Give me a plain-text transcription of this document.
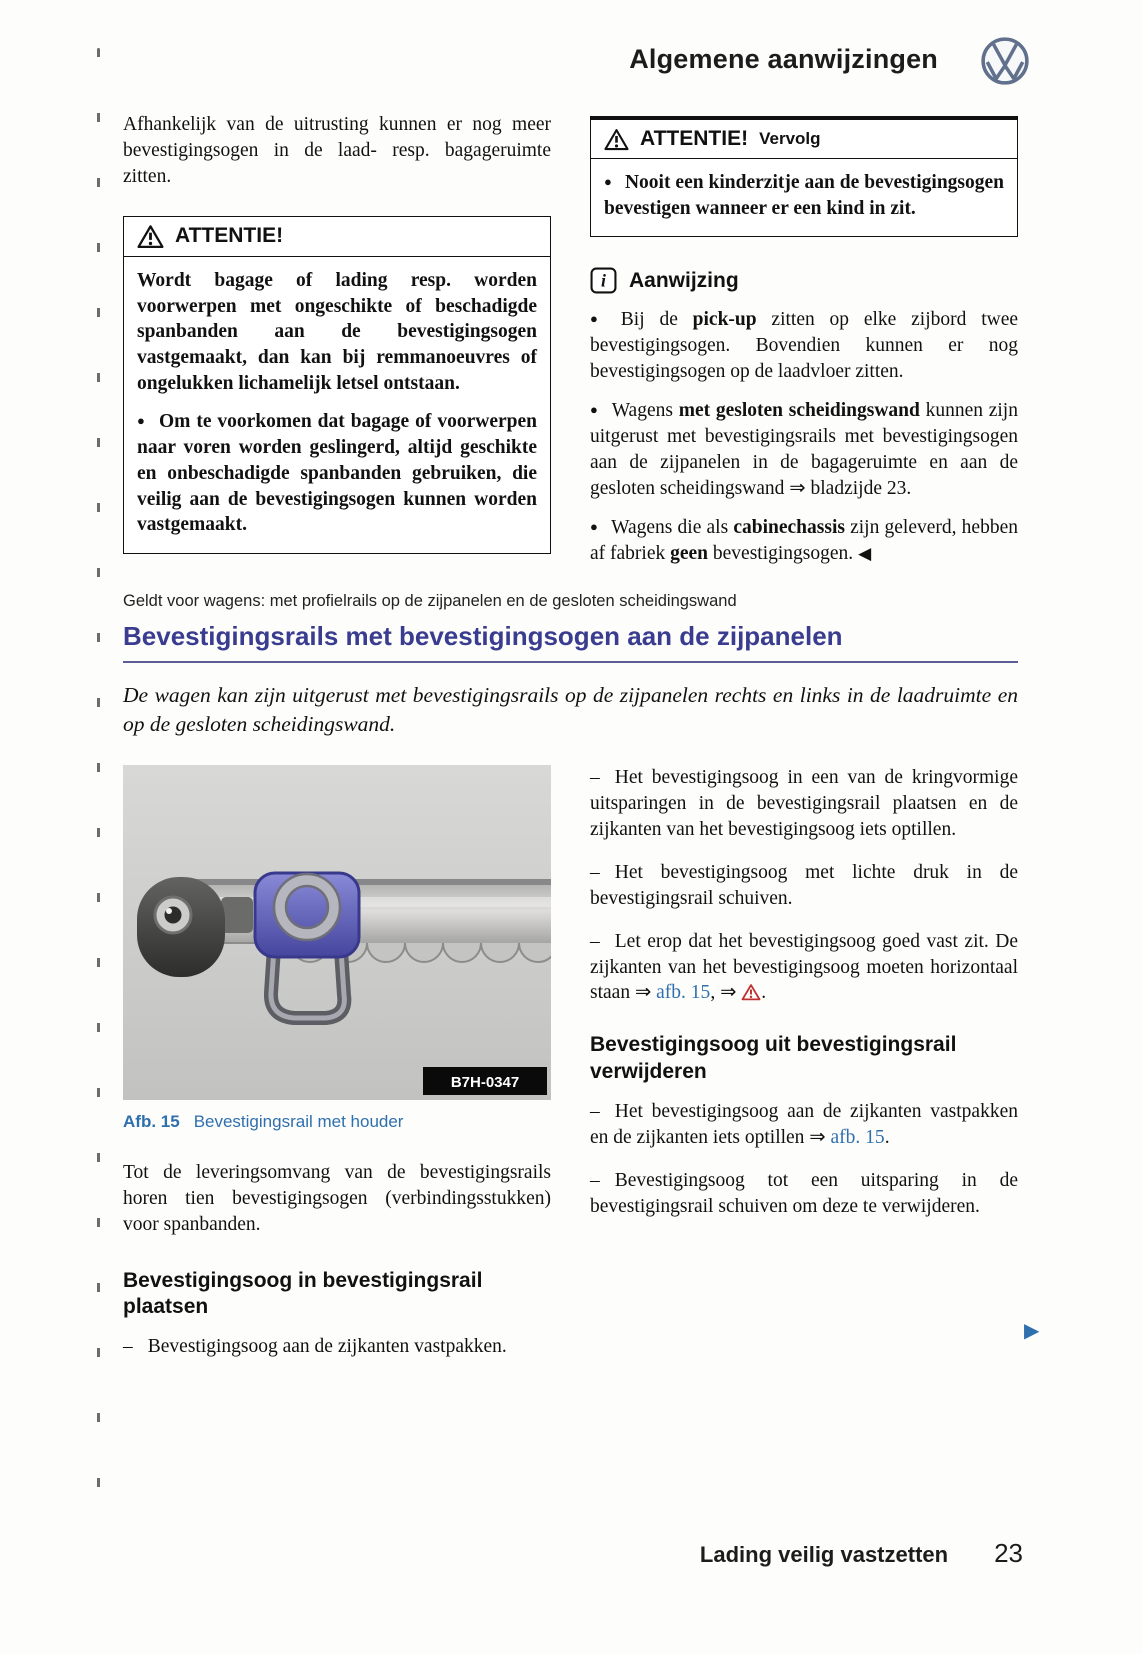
Algemene aanwijzingen

Afhankelijk van de uitrusting kunnen er nog meer bevestigingsogen in de laad- resp. bagageruimte zitten.

ATTENTIE!

Wordt bagage of lading resp. worden voorwerpen met ongeschikte of beschadigde spanbanden aan de bevestigingsogen vastgemaakt, dan kan bij remmanoeuvres of ongelukken lichamelijk letsel ontstaan.

● Om te voorkomen dat bagage of voorwerpen naar voren worden geslingerd, altijd geschikte en onbeschadigde spanbanden gebruiken, die veilig aan de bevestigingsogen kunnen worden vastgemaakt.

ATTENTIE! Vervolg

● Nooit een kinderzitje aan de bevestigingsogen bevestigen wanneer er een kind in zit.

i Aanwijzing

● Bij de pick-up zitten op elke zijbord twee bevestigingsogen. Bovendien kunnen er nog bevestigingsogen op de laadvloer zitten.

● Wagens met gesloten scheidingswand kunnen zijn uitgerust met bevestigingsrails met bevestigingsogen aan de zijpanelen in de bagageruimte en aan de gesloten scheidingswand ⇒ bladzijde 23.

● Wagens die als cabinechassis zijn geleverd, hebben af fabriek geen bevestigingsogen. ◀

Geldt voor wagens: met profielrails op de zijpanelen en de gesloten scheidingswand

Bevestigingsrails met bevestigingsogen aan de zijpanelen

De wagen kan zijn uitgerust met bevestigingsrails op de zijpanelen rechts en links in de laadruimte en op de gesloten scheidingswand.

B7H-0347
Afb. 15 Bevestigingsrail met houder

Tot de leveringsomvang van de bevestigingsrails horen tien bevestigingsogen (verbindingsstukken) voor spanbanden.

Bevestigingsoog in bevestigingsrail plaatsen

– Bevestigingsoog aan de zijkanten vastpakken.

– Het bevestigingsoog in een van de kringvormige uitsparingen in de bevestigingsrail plaatsen en de zijkanten van het bevestigingsoog iets optillen.

– Het bevestigingsoog met lichte druk in de bevestigingsrail schuiven.

– Let erop dat het bevestigingsoog goed vast zit. De zijkanten van het bevestigingsoog moeten horizontaal staan ⇒ afb. 15, ⇒ .

Bevestigingsoog uit bevestigingsrail verwijderen

– Het bevestigingsoog aan de zijkanten vastpakken en de zijkanten iets optillen ⇒ afb. 15.

– Bevestigingsoog tot een uitsparing in de bevestigingsrail schuiven om deze te verwijderen.

▶
Lading veilig vastzetten 23
